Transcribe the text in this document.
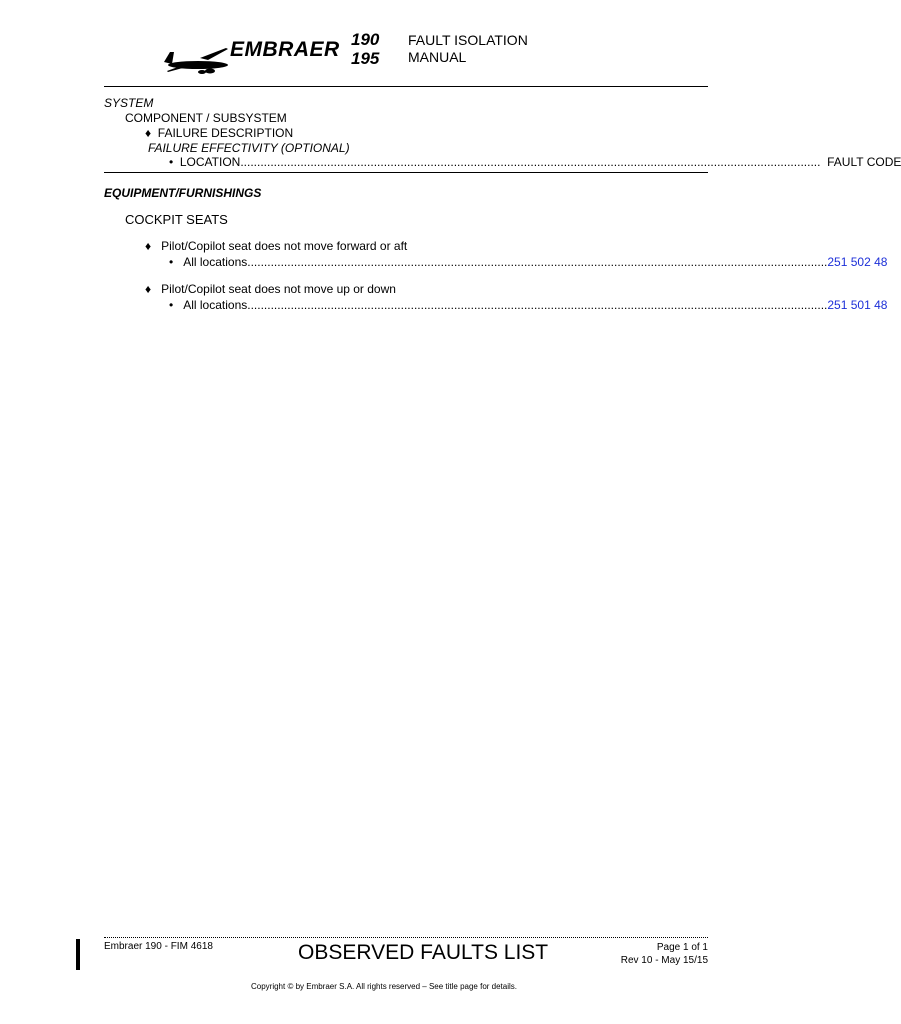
EMBRAER 190
195
FAULT ISOLATION
MANUAL
SYSTEM
COMPONENT / SUBSYSTEM
♦ FAILURE DESCRIPTION
FAILURE EFFECTIVITY (OPTIONAL)
•
LOCATION ..............................................................................................................................................................................
FAULT CODE
EQUIPMENT/FURNISHINGS
COCKPIT SEATS
♦ Pilot/Copilot seat does not move forward or aft
•
All locations .............................................................................................................................................................................. 251 502 48
♦ Pilot/Copilot seat does not move up or down
•
All locations .............................................................................................................................................................................. 251 501 48
Embraer 190 - FIM 4618	OBSERVED FAULTS LIST	Page 1 of 1
Rev 10 - May 15/15
Copyright © by Embraer S.A. All rights reserved – See title page for details.
